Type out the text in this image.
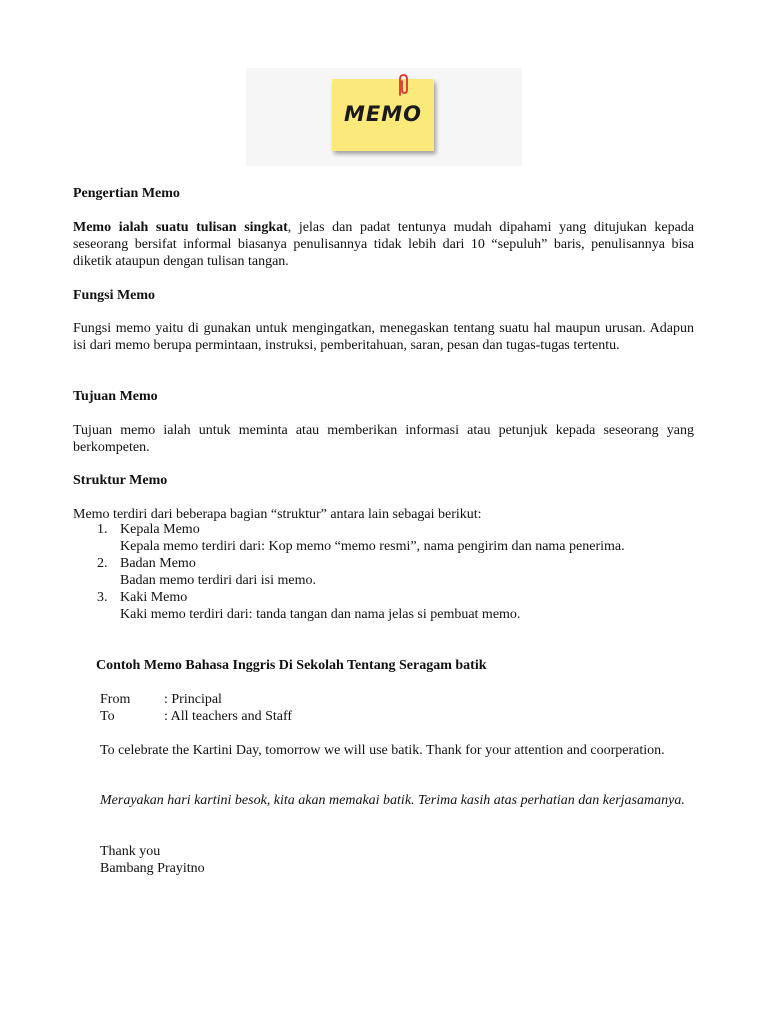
MEMO

Pengertian Memo

Memo ialah suatu tulisan singkat, jelas dan padat tentunya mudah dipahami yang ditujukan kepada seseorang bersifat informal biasanya penulisannya tidak lebih dari 10 “sepuluh” baris, penulisannya bisa diketik ataupun dengan tulisan tangan.

Fungsi Memo

Fungsi memo yaitu di gunakan untuk mengingatkan, menegaskan tentang suatu hal maupun urusan. Adapun isi dari memo berupa permintaan, instruksi, pemberitahuan, saran, pesan dan tugas-tugas tertentu.

Tujuan Memo

Tujuan memo ialah untuk meminta atau memberikan informasi atau petunjuk kepada seseorang yang berkompeten.

Struktur Memo

Memo terdiri dari beberapa bagian “struktur” antara lain sebagai berikut:

1. Kepala Memo
Kepala memo terdiri dari: Kop memo “memo resmi”, nama pengirim dan nama penerima.
2. Badan Memo
Badan memo terdiri dari isi memo.
3. Kaki Memo
Kaki memo terdiri dari: tanda tangan dan nama jelas si pembuat memo.

Contoh Memo Bahasa Inggris Di Sekolah Tentang Seragam batik

From : Principal
To	: All teachers and Staff

To celebrate the Kartini Day, tomorrow we will use batik. Thank for your attention and coorperation.

Merayakan hari kartini besok, kita akan memakai batik. Terima kasih atas perhatian dan kerjasamanya.

Thank you

Bambang Prayitno
